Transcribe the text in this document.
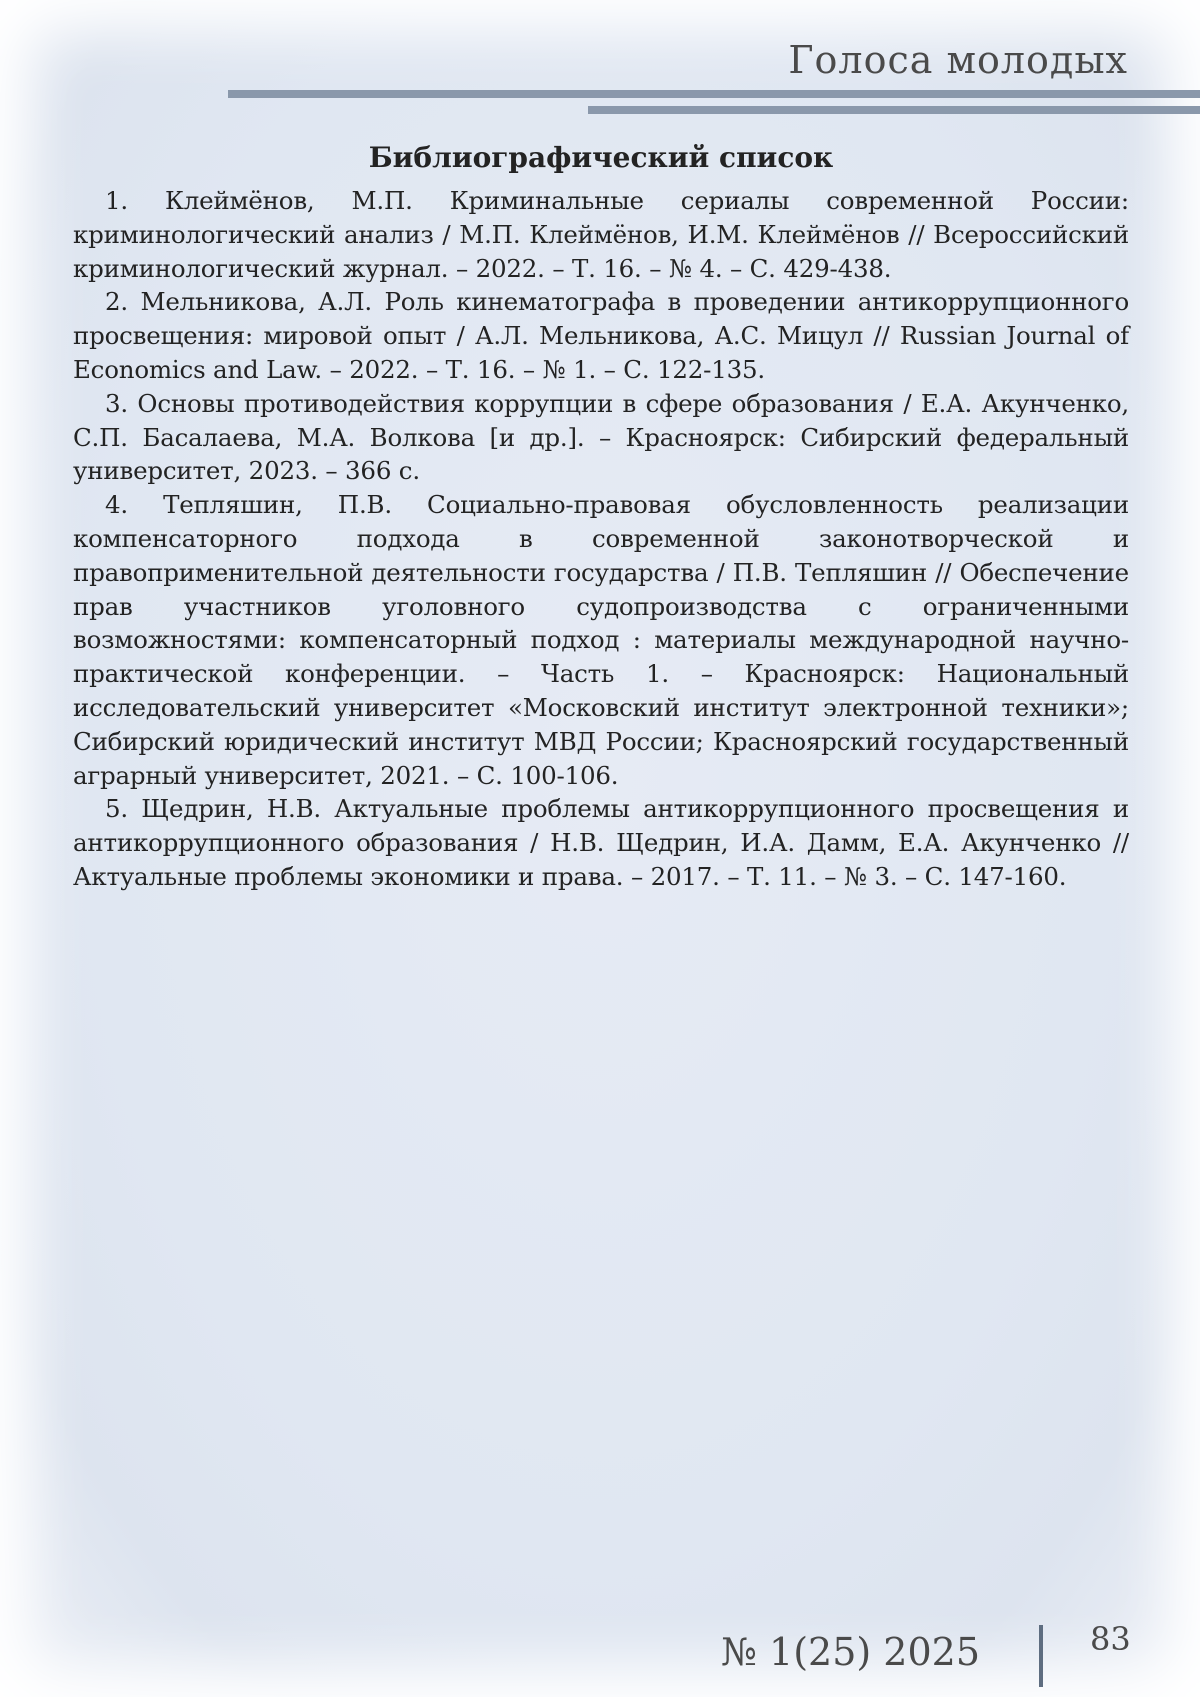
Голоса молодых

Библиографический список

1. Клеймёнов, М.П. Криминальные сериалы современной России: криминологический анализ / М.П. Клеймёнов, И.М. Клеймёнов // Всероссийский криминологический журнал. – 2022. – Т. 16. – № 4. – С. 429-438.

2. Мельникова, А.Л. Роль кинематографа в проведении антикоррупционного просвещения: мировой опыт / А.Л. Мельникова, А.С. Мицул // Russian Journal of Economics and Law. – 2022. – Т. 16. – № 1. – С. 122-135.

3. Основы противодействия коррупции в сфере образования / Е.А. Акунченко, С.П. Басалаева, М.А. Волкова [и др.]. – Красноярск: Сибирский федеральный университет, 2023. – 366 с.

4. Тепляшин, П.В. Социально-правовая обусловленность реализации компенсаторного подхода в современной законотворческой и правоприменительной деятельности государства / П.В. Тепляшин // Обеспечение прав участников уголовного судопроизводства с ограниченными возможностями: компенсаторный подход : материалы международной научно-практической конференции. – Часть 1. – Красноярск: Национальный исследовательский университет «Московский институт электронной техники»; Сибирский юридический институт МВД России; Красноярский государственный аграрный университет, 2021. – С. 100-106.

5. Щедрин, Н.В. Актуальные проблемы антикоррупционного просвещения и антикоррупционного образования / Н.В. Щедрин, И.А. Дамм, Е.А. Акунченко // Актуальные проблемы экономики и права. – 2017. – Т. 11. – № 3. – С. 147-160.

№ 1(25) 2025	83
